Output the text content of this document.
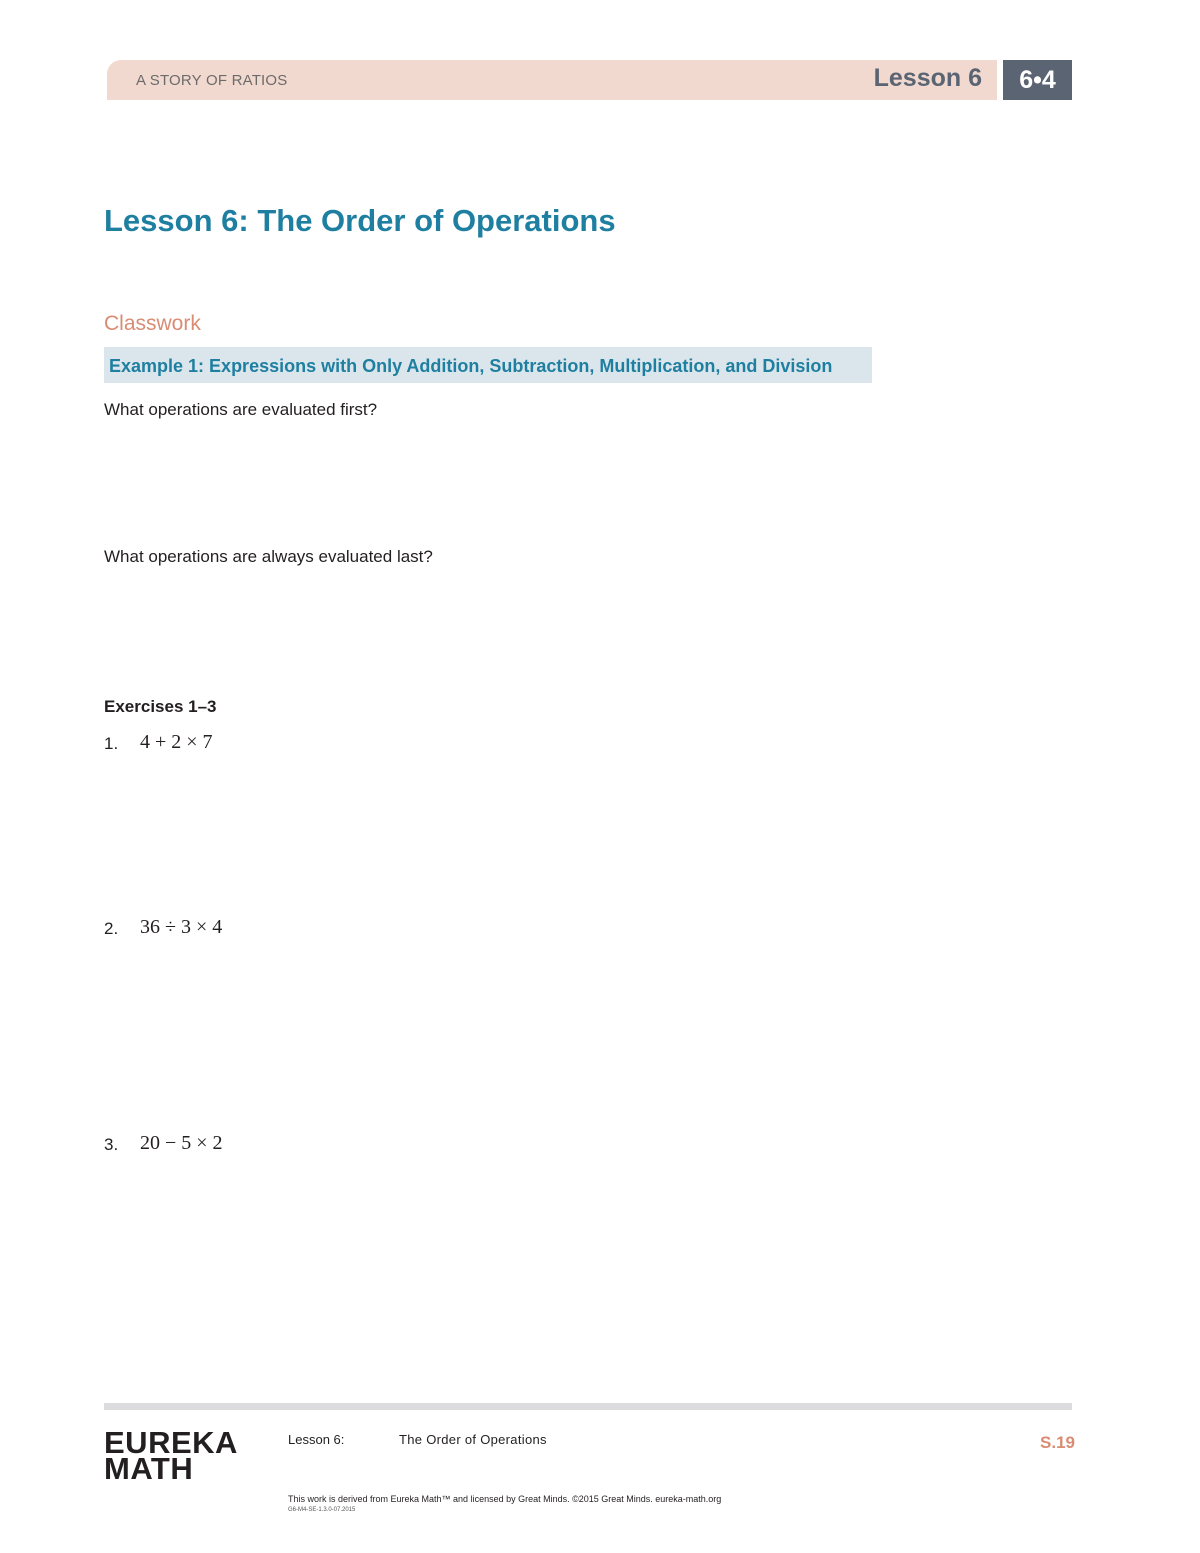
A STORY OF RATIOS	Lesson 6	6•4
Lesson 6: The Order of Operations
Classwork
Example 1: Expressions with Only Addition, Subtraction, Multiplication, and Division
What operations are evaluated first?
What operations are always evaluated last?
Exercises 1–3
1. 4 + 2 × 7
2. 36 ÷ 3 × 4
3. 20 − 5 × 2
EUREKA
MATH
Lesson 6:	The Order of Operations	S.19
This work is derived from Eureka Math™ and licensed by Great Minds. ©2015 Great Minds. eureka-math.org
G6-M4-SE-1.3.0-07.2015
